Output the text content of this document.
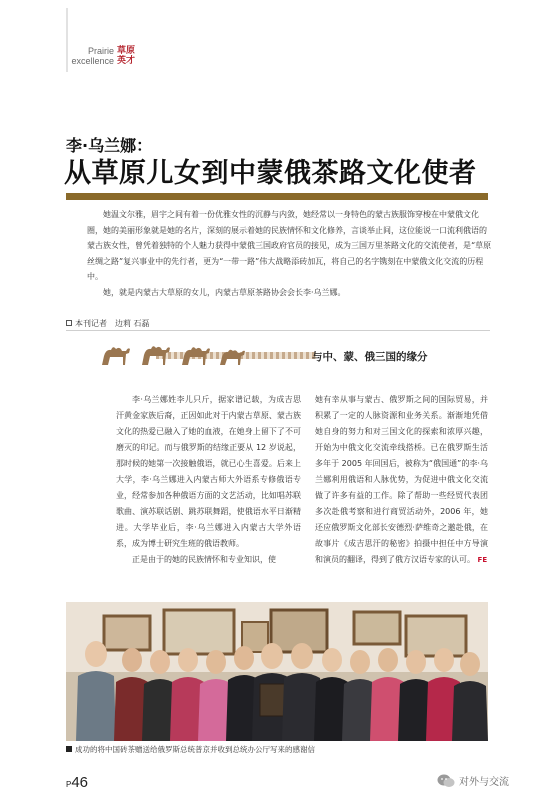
Prairie
excellence
草原
英才
李·乌兰娜：
从草原儿女到中蒙俄茶路文化使者

她温文尔雅，眉宇之间有着一份优雅女性的沉静与内敛，她经常以一身特色的蒙古族服饰穿梭在中蒙俄文化圈，她的美丽形象就是她的名片，深刻的展示着她的民族情怀和文化修养，言谈举止间，这位能说一口流利俄语的蒙古族女性，曾凭着独特的个人魅力获得中蒙俄三国政府官员的接见，成为三国万里茶路文化的交流使者，是“草原丝绸之路”复兴事业中的先行者，更为“一带一路”伟大战略添砖加瓦，将自己的名字镌刻在中蒙俄文化交流的历程中。

她，就是内蒙古大草原的女儿，内蒙古草原茶路协会会长李·乌兰娜。

本刊记者　边莉 石磊
与中、蒙、俄三国的缘分

李·乌兰娜姓李儿只斤，据家谱记载，为成吉思汗黄金家族后裔，正因如此对于内蒙古草原、蒙古族文化的热爱已融入了她的血液，在她身上留下了不可磨灭的印记。而与俄罗斯的结缘正要从 12 岁说起，那时候的她第一次接触俄语，就已心生喜爱。后来上大学，李·乌兰娜进入内蒙古师大外语系专修俄语专业，经常参加各种俄语方面的文艺活动，比如唱苏联歌曲、演苏联话剧、跳苏联舞蹈，使俄语水平日渐精进。大学毕业后，李·乌兰娜进入内蒙古大学外语系，成为博士研究生班的俄语教师。

正是由于的她的民族情怀和专业知识，使

她有幸从事与蒙古、俄罗斯之间的国际贸易，并积累了一定的人脉资源和业务关系。渐渐地凭借她自身的努力和对三国文化的探索和浓厚兴趣，开始为中俄文化交流牵线搭桥。已在俄罗斯生活多年于 2005 年回国后，被称为“俄国通”的李·乌兰娜利用俄语和人脉优势，为促进中俄文化交流做了许多有益的工作。除了帮助一些经贸代表团多次赴俄考察和进行商贸活动外，2006 年，她还应俄罗斯文化部长安德烈·萨维奇之邀赴俄，在故事片《成吉思汗的秘密》拍摄中担任中方导演和演员的翻译，得到了俄方汉语专家的认可。 FE

成功的将中国砖茶赠送给俄罗斯总统普京并收到总统办公厅写来的感谢信
P46	对外与交流
